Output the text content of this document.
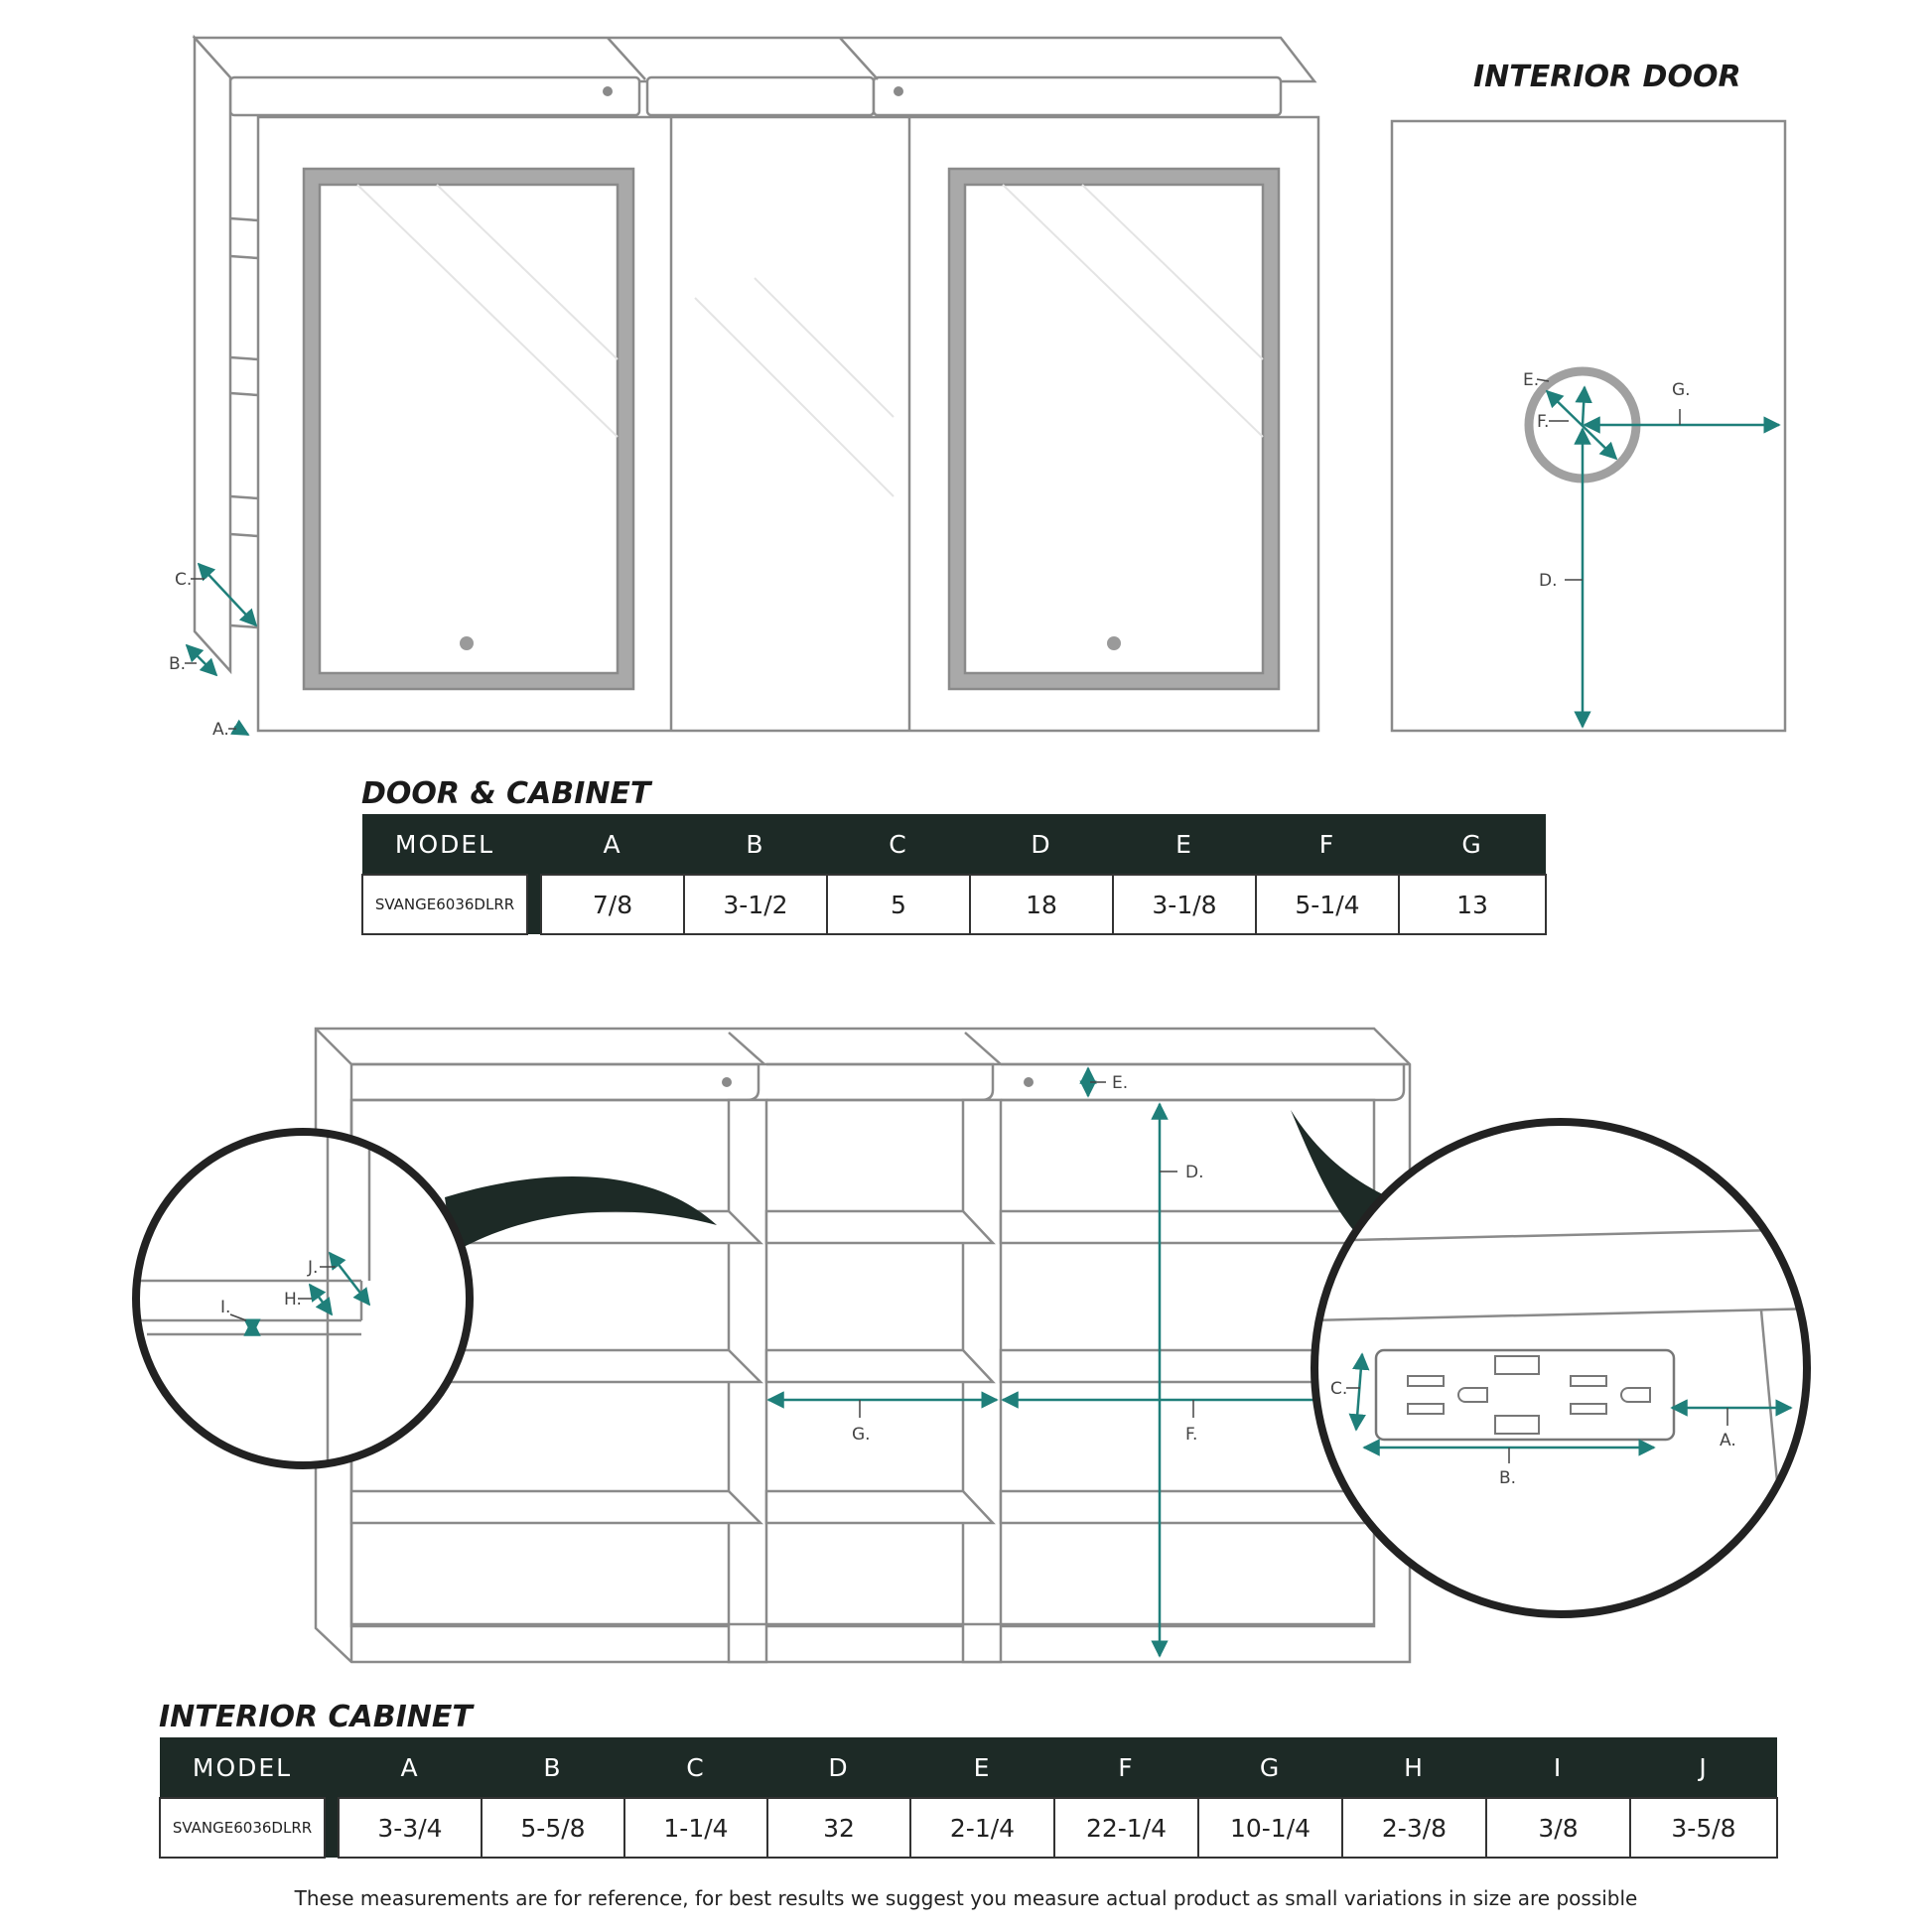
C.
B.
A.
E.
F.
G.
D.
E.
D.
G.	F.
I.	H.
J.
C.
B.
A.
INTERIOR DOOR
DOOR & CABINET
INTERIOR CABINET
MODEL		A	B	C	D	E	F	G
SVANGE6036DLRR		7/8	3-1/2	5	18	3-1/8	5-1/4	13
MODEL		A	B	C	D	E	F	G	H	I	J
SVANGE6036DLRR		3-3/4	5-5/8	1-1/4	32	2-1/4	22-1/4	10-1/4	2-3/8	3/8	3-5/8
These measurements are for reference, for best results we suggest you measure actual product as small variations in size are possible
